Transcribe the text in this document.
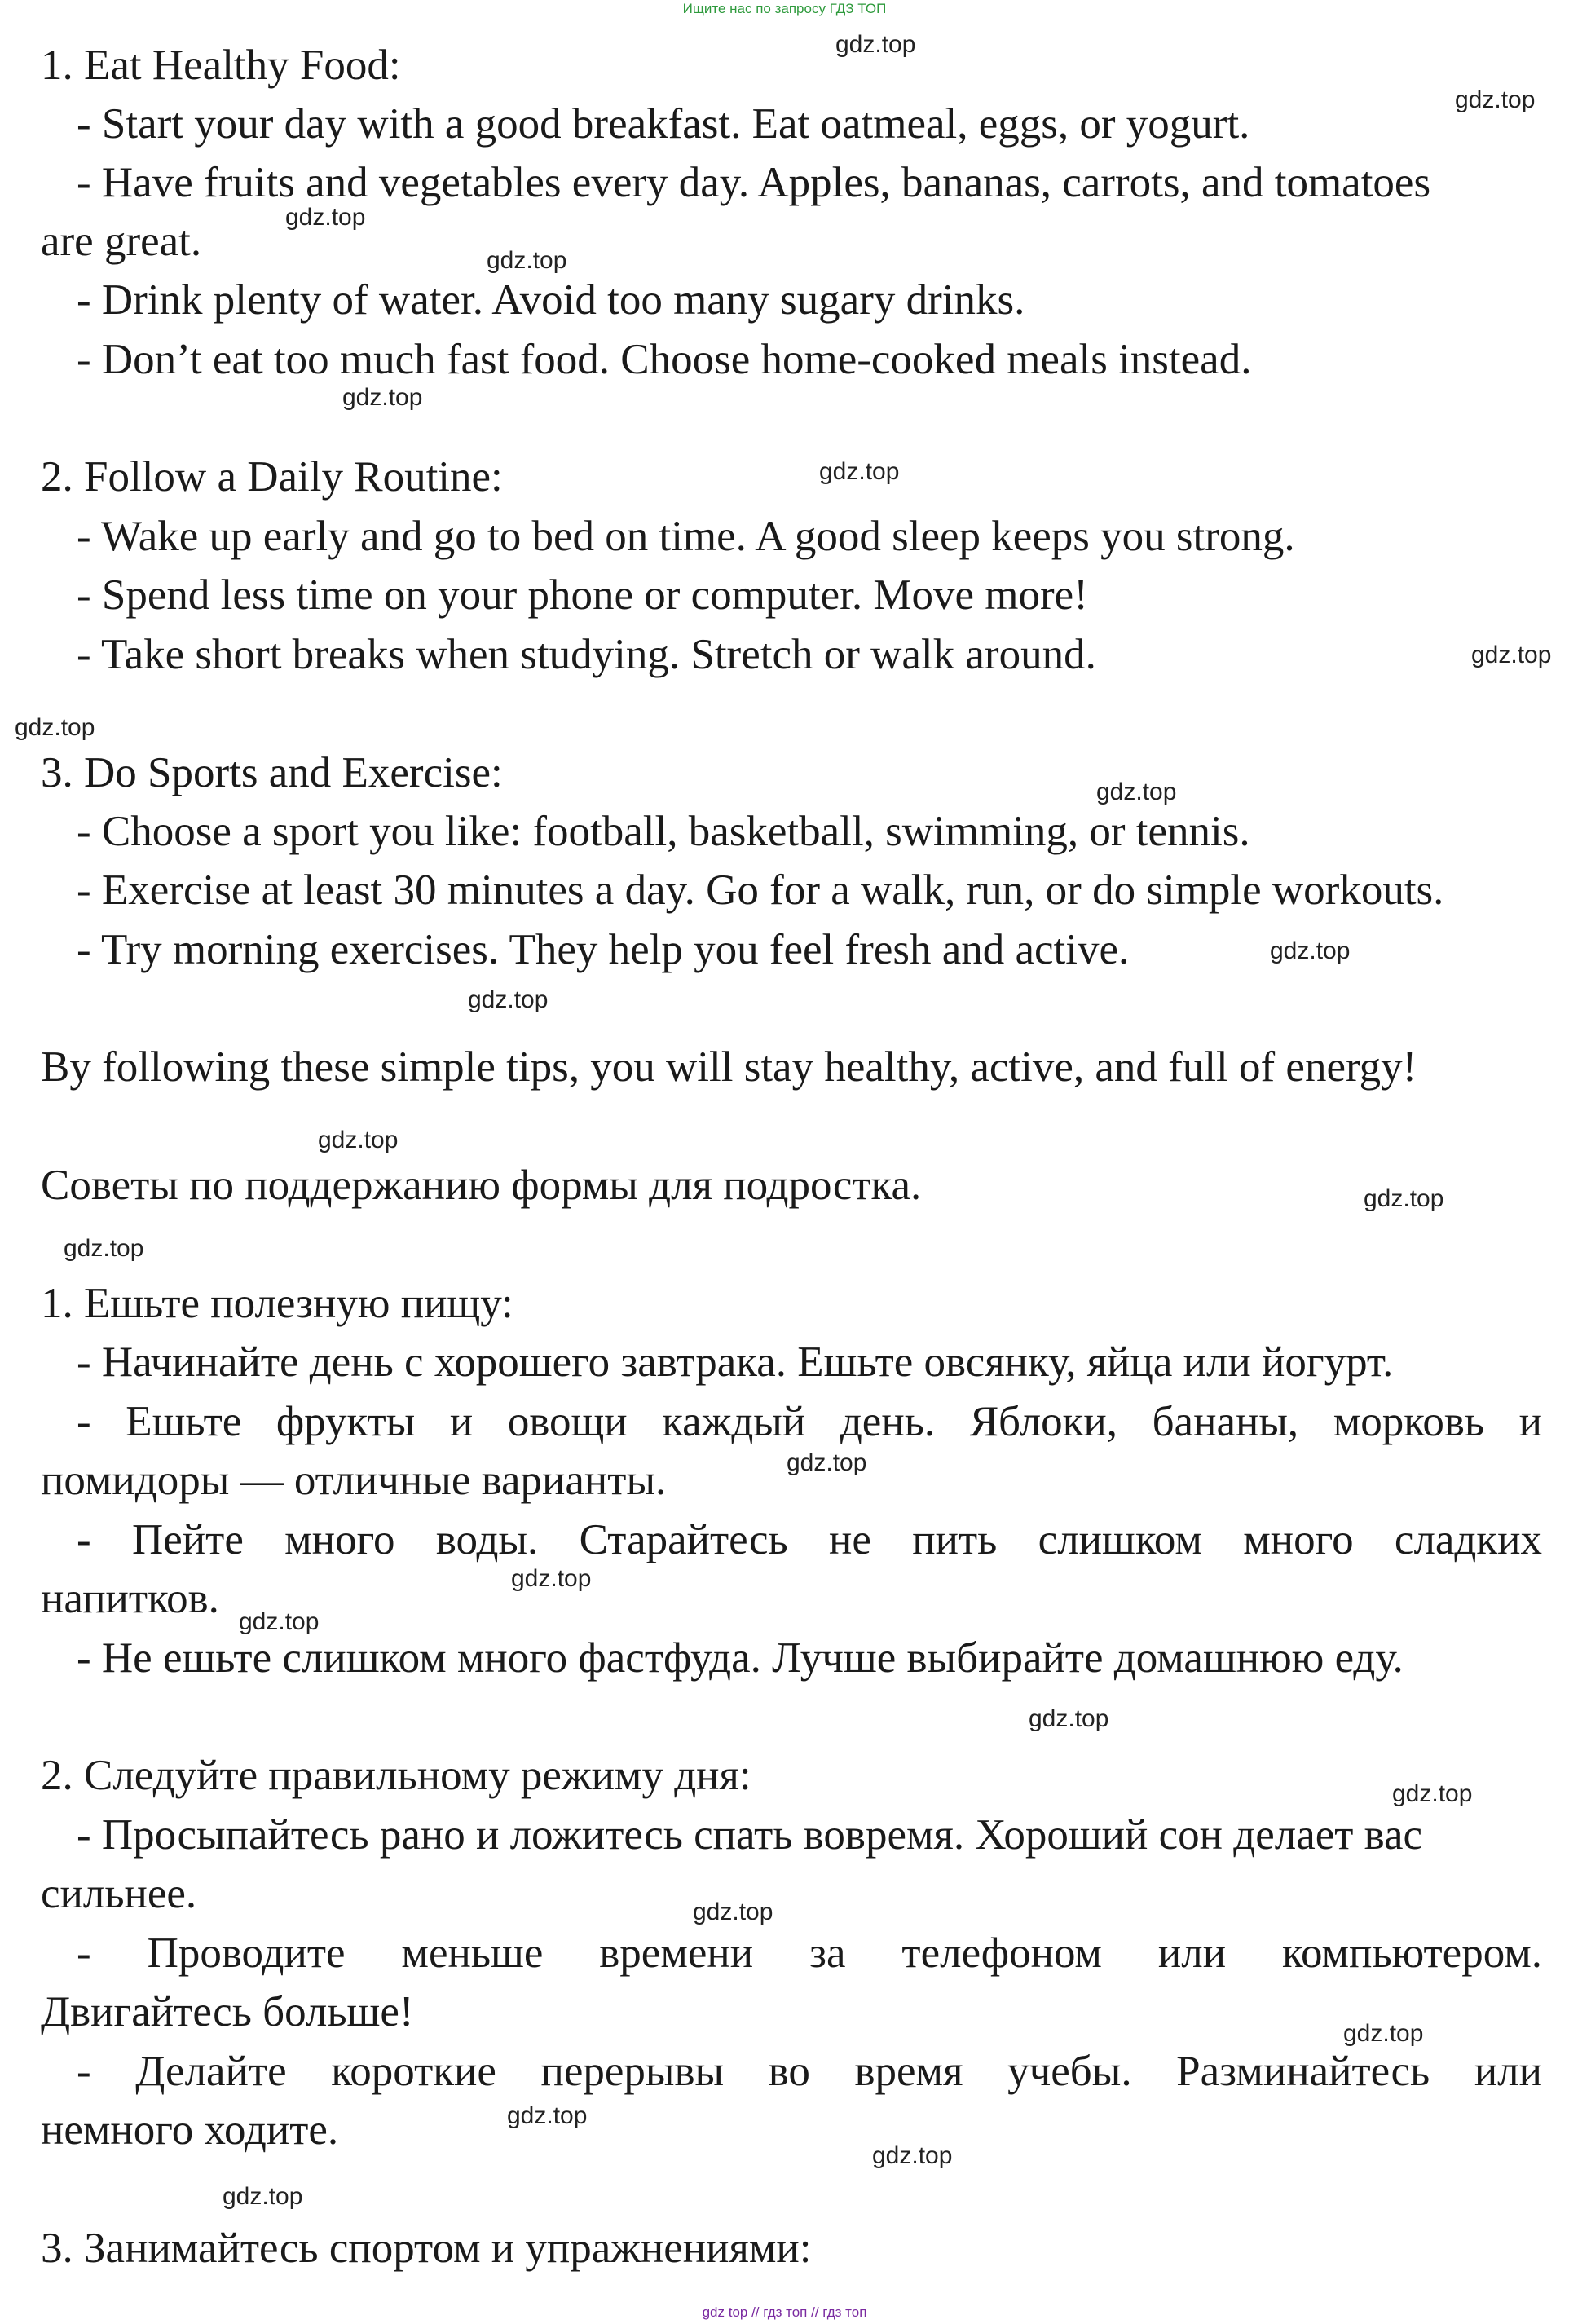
Ищите нас по запросу ГДЗ ТОП
1. Eat Healthy Food:
- Start your day with a good breakfast. Eat oatmeal, eggs, or yogurt.
- Have fruits and vegetables every day. Apples, bananas, carrots, and tomatoes
are great.
- Drink plenty of water. Avoid too many sugary drinks.
- Don’t eat too much fast food. Choose home-cooked meals instead.
2. Follow a Daily Routine:
- Wake up early and go to bed on time. A good sleep keeps you strong.
- Spend less time on your phone or computer. Move more!
- Take short breaks when studying. Stretch or walk around.
3. Do Sports and Exercise:
- Choose a sport you like: football, basketball, swimming, or tennis.
- Exercise at least 30 minutes a day. Go for a walk, run, or do simple workouts.
- Try morning exercises. They help you feel fresh and active.
By following these simple tips, you will stay healthy, active, and full of energy!
Советы по поддержанию формы для подростка.
1. Ешьте полезную пищу:
- Начинайте день с хорошего завтрака. Ешьте овсянку, яйца или йогурт.
- Ешьте фрукты и овощи каждый день. Яблоки, бананы, морковь и
помидоры — отличные варианты.
- Пейте много воды. Старайтесь не пить слишком много сладких
напитков.
- Не ешьте слишком много фастфуда. Лучше выбирайте домашнюю еду.
2. Следуйте правильному режиму дня:
- Просыпайтесь рано и ложитесь спать вовремя. Хороший сон делает вас
сильнее.
- Проводите меньше времени за телефоном или компьютером.
Двигайтесь больше!
- Делайте короткие перерывы во время учебы. Разминайтесь или
немного ходите.
3. Занимайтесь спортом и упражнениями:
gdz.top
gdz.top
gdz.top
gdz.top
gdz.top
gdz.top
gdz.top
gdz.top
gdz.top
gdz.top
gdz.top
gdz.top
gdz.top
gdz.top
gdz.top
gdz.top
gdz.top
gdz.top
gdz.top
gdz.top
gdz.top
gdz.top
gdz.top
gdz.top
gdz top // гдз топ // гдз топ
